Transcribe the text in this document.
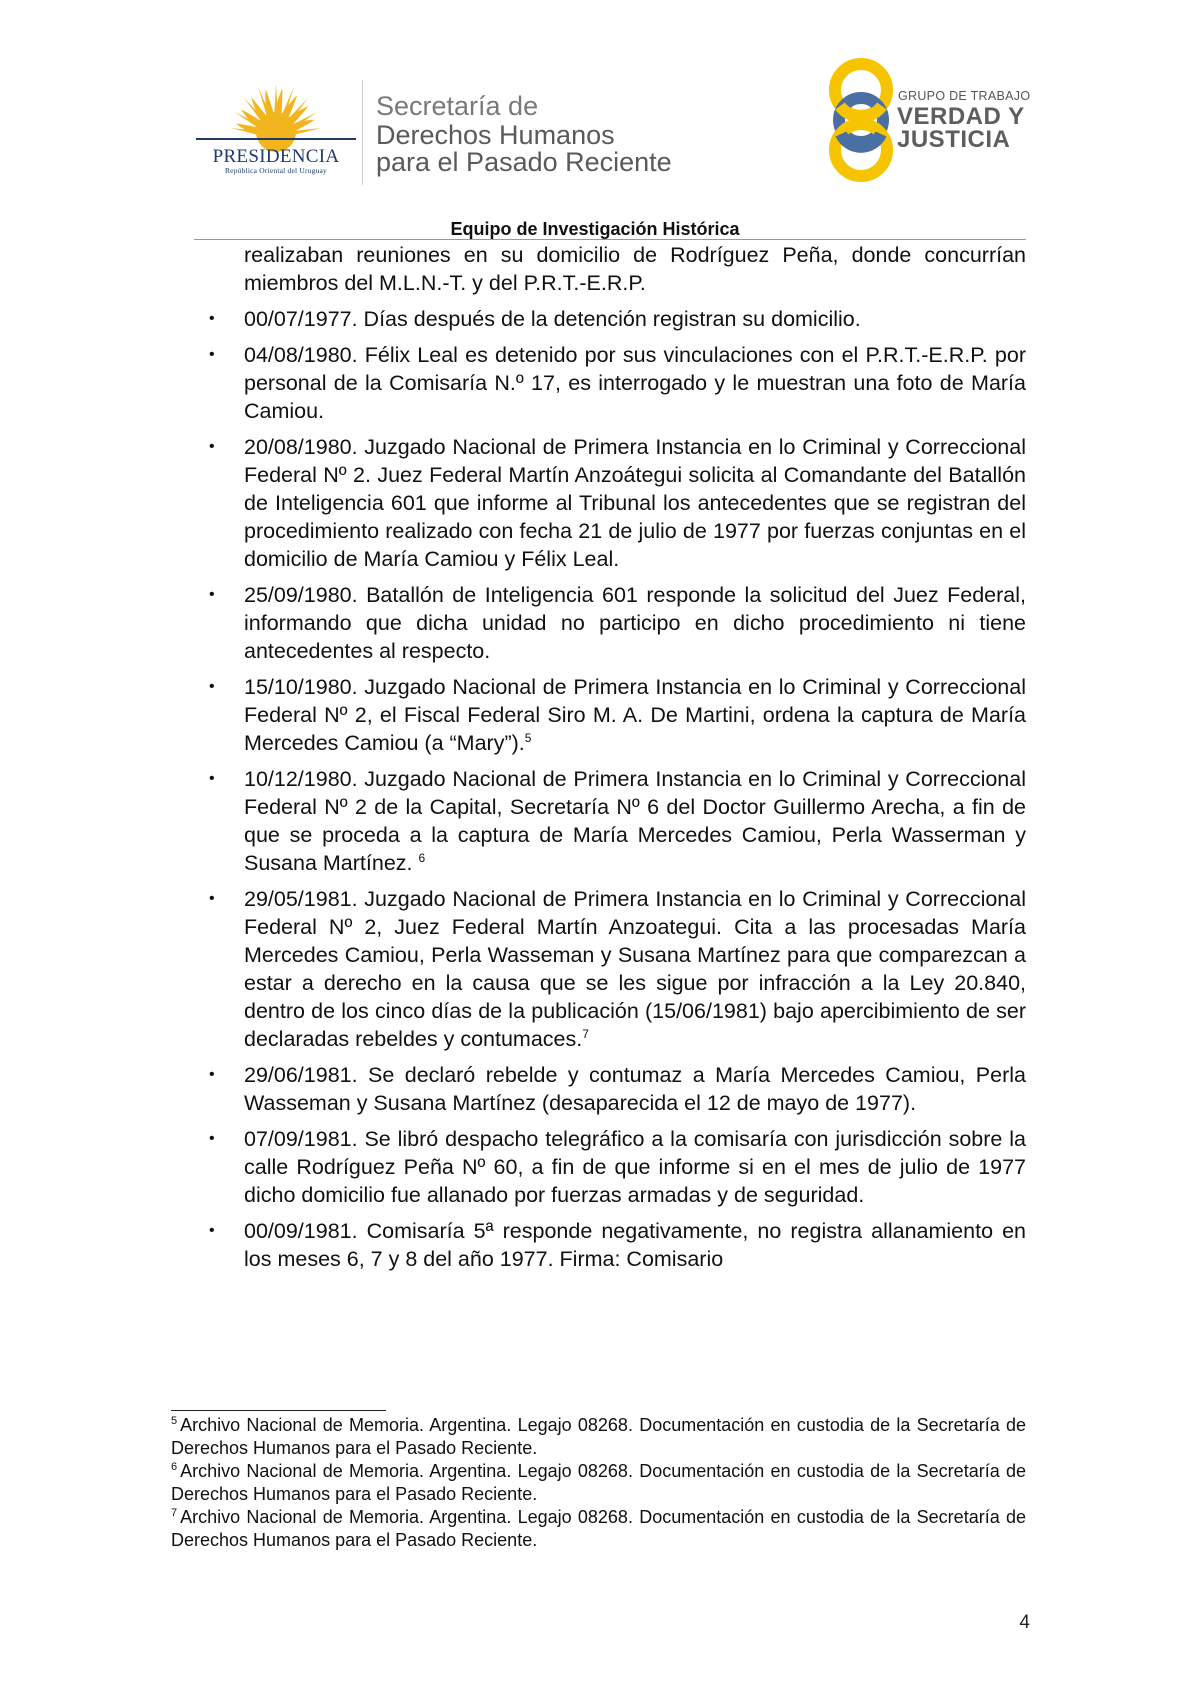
PRESIDENCIA
República Oriental del Uruguay
Secretaría de
Derechos Humanos
para el Pasado Reciente
GRUPO DE TRABAJO
VERDAD Y
JUSTICIA
Equipo de Investigación Histórica

realizaban reuniones en su domicilio de Rodríguez Peña, donde concurrían miembros del M.L.N.-T. y del P.R.T.-E.R.P.

• 00/07/1977. Días después de la detención registran su domicilio.
• 04/08/1980. Félix Leal es detenido por sus vinculaciones con el P.R.T.-E.R.P. por personal de la Comisaría N.º 17, es interrogado y le muestran una foto de María Camiou.
• 20/08/1980. Juzgado Nacional de Primera Instancia en lo Criminal y Correccional Federal Nº 2. Juez Federal Martín Anzoátegui solicita al Comandante del Batallón de Inteligencia 601 que informe al Tribunal los antecedentes que se registran del procedimiento realizado con fecha 21 de julio de 1977 por fuerzas conjuntas en el domicilio de María Camiou y Félix Leal.
• 25/09/1980. Batallón de Inteligencia 601 responde la solicitud del Juez Federal, informando que dicha unidad no participo en dicho procedimiento ni tiene antecedentes al respecto.
• 15/10/1980. Juzgado Nacional de Primera Instancia en lo Criminal y Correccional Federal Nº 2, el Fiscal Federal Siro M. A. De Martini, ordena la captura de María Mercedes Camiou (a “Mary”).$^5$
• 10/12/1980. Juzgado Nacional de Primera Instancia en lo Criminal y Correccional Federal Nº 2 de la Capital, Secretaría Nº 6 del Doctor Guillermo Arecha, a fin de que se proceda a la captura de María Mercedes Camiou, Perla Wasserman y Susana Martínez. $^6$
• 29/05/1981. Juzgado Nacional de Primera Instancia en lo Criminal y Correccional Federal Nº 2, Juez Federal Martín Anzoategui. Cita a las procesadas María Mercedes Camiou, Perla Wasseman y Susana Martínez para que comparezcan a estar a derecho en la causa que se les sigue por infracción a la Ley 20.840, dentro de los cinco días de la publicación (15/06/1981) bajo apercibimiento de ser declaradas rebeldes y contumaces.$^7$
• 29/06/1981. Se declaró rebelde y contumaz a María Mercedes Camiou, Perla Wasseman y Susana Martínez (desaparecida el 12 de mayo de 1977).
• 07/09/1981. Se libró despacho telegráfico a la comisaría con jurisdicción sobre la calle Rodríguez Peña Nº 60, a fin de que informe si en el mes de julio de 1977 dicho domicilio fue allanado por fuerzas armadas y de seguridad.
• 00/09/1981. Comisaría 5ª responde negativamente, no registra allanamiento en los meses 6, 7 y 8 del año 1977. Firma: Comisario

$^5$ Archivo Nacional de Memoria. Argentina. Legajo 08268. Documentación en custodia de la Secretaría de Derechos Humanos para el Pasado Reciente.

$^6$ Archivo Nacional de Memoria. Argentina. Legajo 08268. Documentación en custodia de la Secretaría de Derechos Humanos para el Pasado Reciente.

$^7$ Archivo Nacional de Memoria. Argentina. Legajo 08268. Documentación en custodia de la Secretaría de Derechos Humanos para el Pasado Reciente.

4
